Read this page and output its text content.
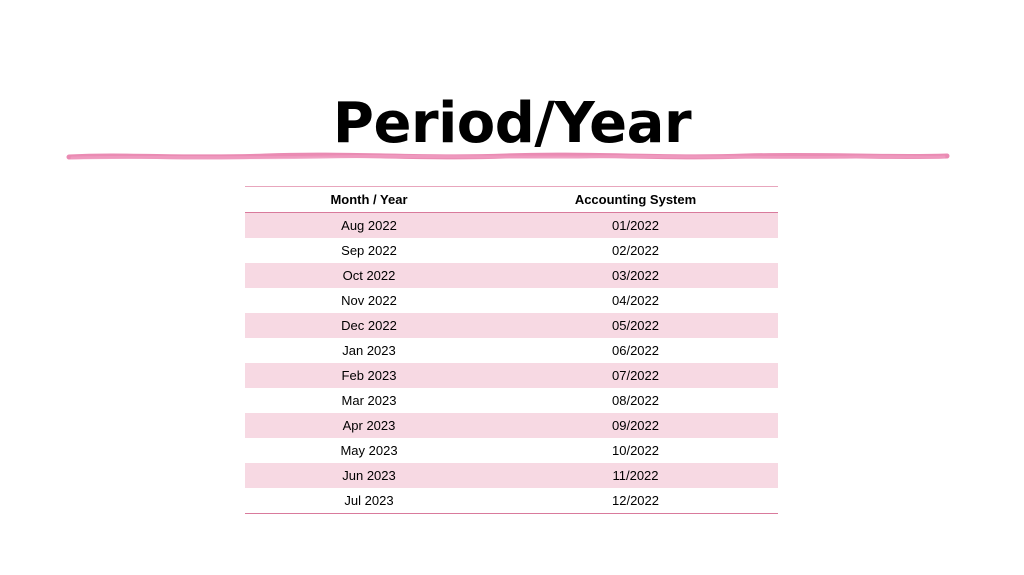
Period/Year
Month / Year	Accounting System
Aug 2022	01/2022
Sep 2022	02/2022
Oct 2022	03/2022
Nov 2022	04/2022
Dec 2022	05/2022
Jan 2023	06/2022
Feb 2023	07/2022
Mar 2023	08/2022
Apr 2023	09/2022
May 2023	10/2022
Jun 2023	11/2022
Jul 2023	12/2022
